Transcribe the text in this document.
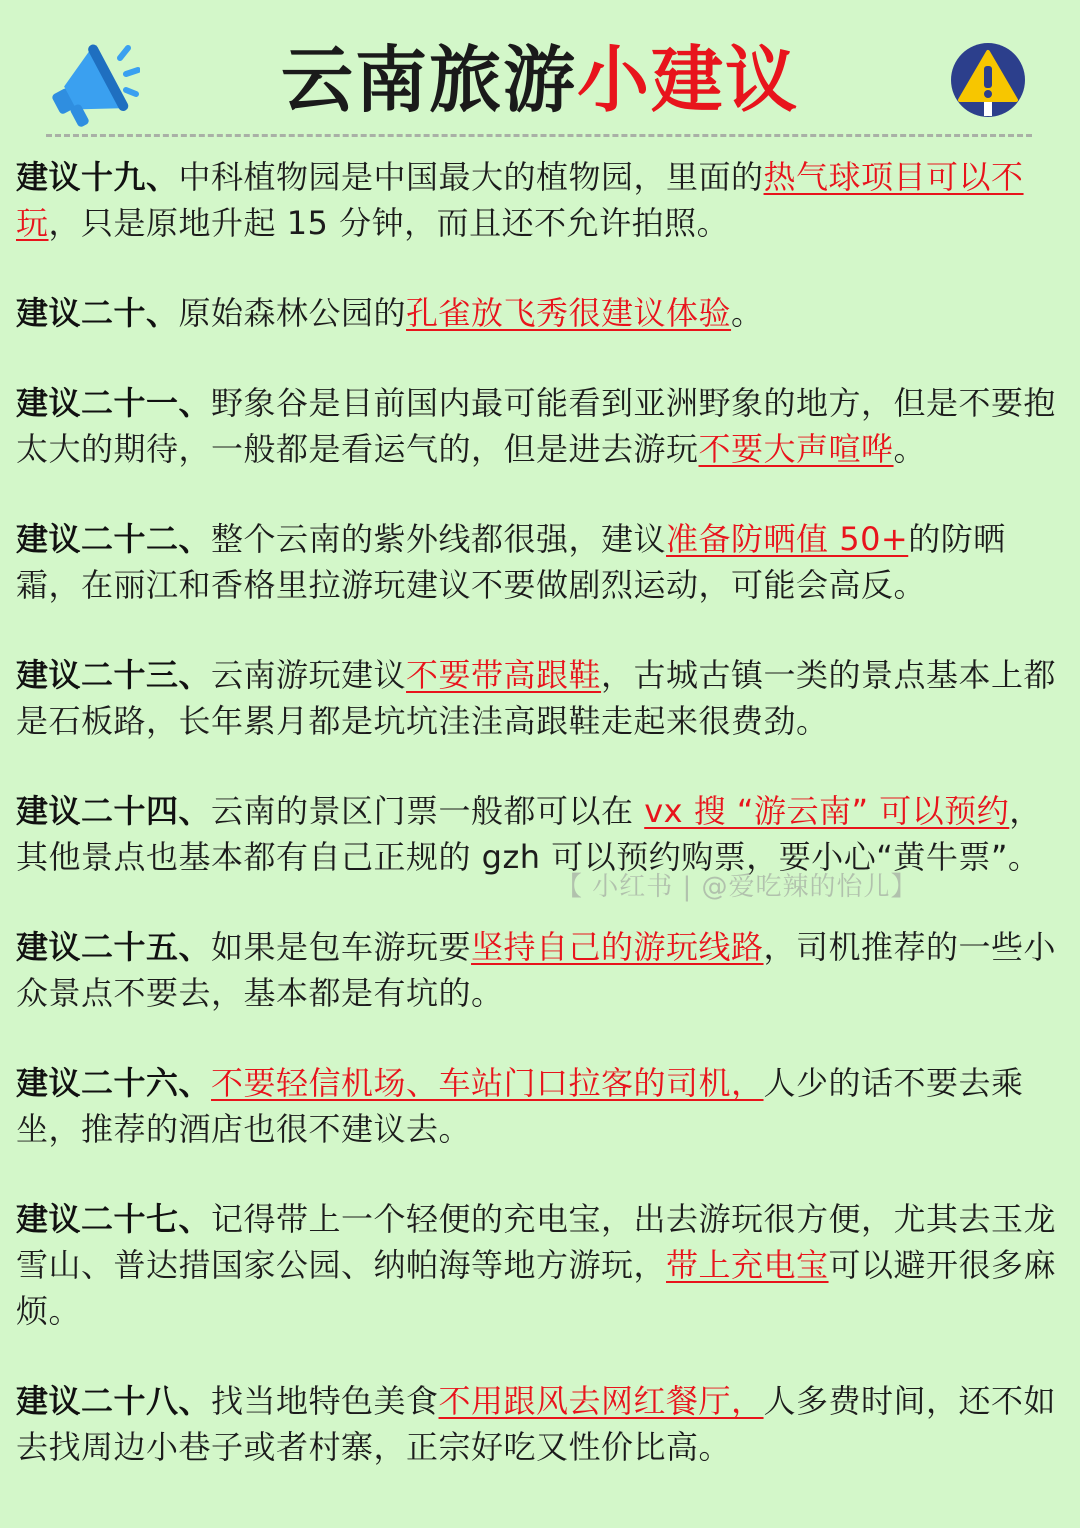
云南旅游小建议
建议十九、中科植物园是中国最大的植物园，里面的热气球项目可以不玩，只是原地升起 15 分钟，而且还不允许拍照。
建议二十、原始森林公园的孔雀放飞秀很建议体验。
建议二十一、野象谷是目前国内最可能看到亚洲野象的地方，但是不要抱太大的期待，一般都是看运气的，但是进去游玩不要大声喧哗。
建议二十二、整个云南的紫外线都很强，建议准备防晒值 50+的防晒霜，在丽江和香格里拉游玩建议不要做剧烈运动，可能会高反。
建议二十三、云南游玩建议不要带高跟鞋，古城古镇一类的景点基本上都是石板路，长年累月都是坑坑洼洼高跟鞋走起来很费劲。
建议二十四、云南的景区门票一般都可以在 vx 搜 “游云南” 可以预约，其他景点也基本都有自己正规的 gzh 可以预约购票，要小心“黄牛票”。
建议二十五、如果是包车游玩要坚持自己的游玩线路，司机推荐的一些小众景点不要去，基本都是有坑的。
建议二十六、不要轻信机场、车站门口拉客的司机，人少的话不要去乘坐，推荐的酒店也很不建议去。
建议二十七、记得带上一个轻便的充电宝，出去游玩很方便，尤其去玉龙雪山、普达措国家公园、纳帕海等地方游玩，带上充电宝可以避开很多麻烦。
建议二十八、找当地特色美食不用跟风去网红餐厅，人多费时间，还不如去找周边小巷子或者村寨，正宗好吃又性价比高。
【 小红书 | @爱吃辣的怡儿】
